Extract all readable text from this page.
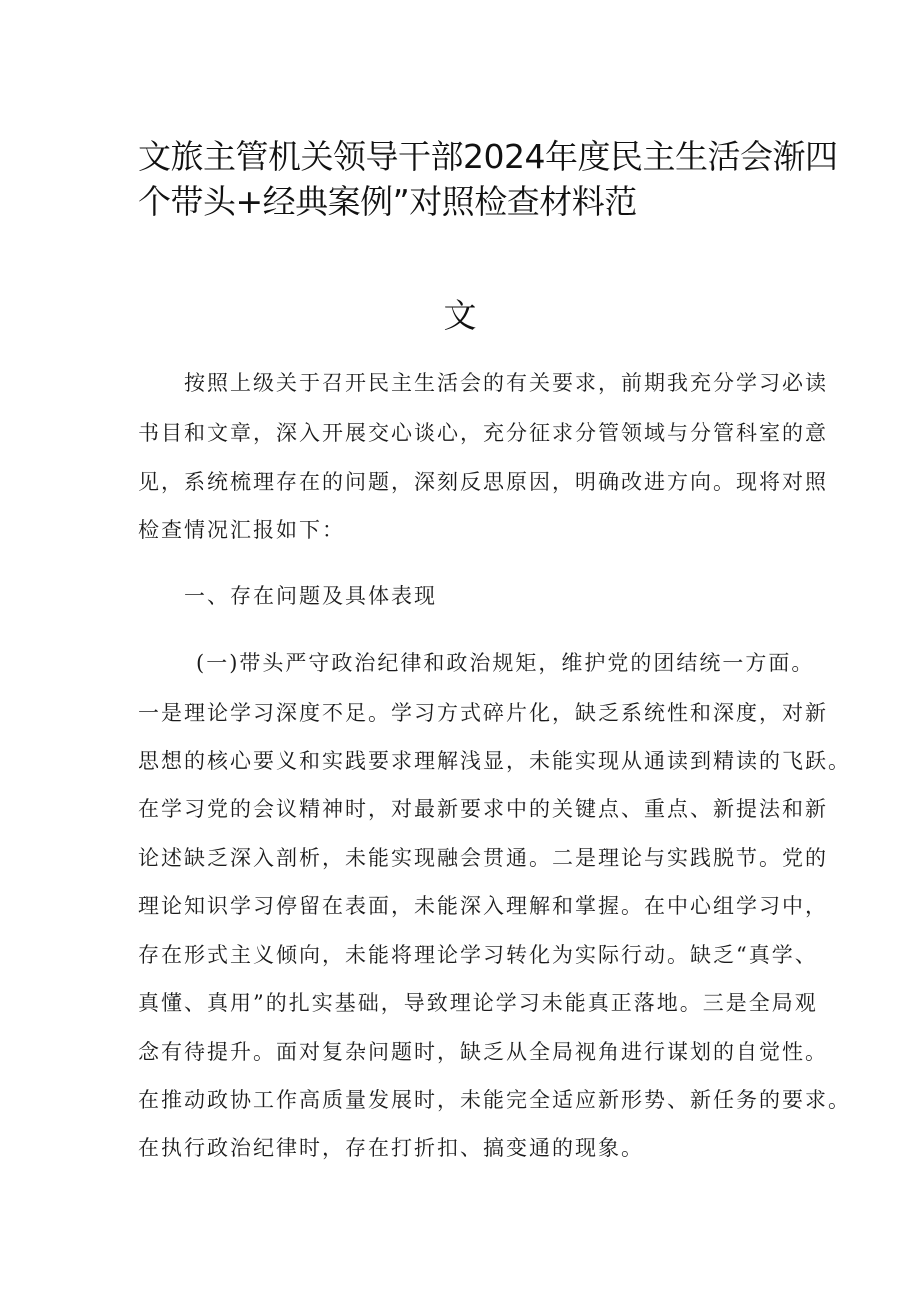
文旅主管机关领导干部2024年度民主生活会渐四
个带头+经典案例”对照检查材料范
文
按照上级关于召开民主生活会的有关要求，前期我充分学习必读
书目和文章，深入开展交心谈心，充分征求分管领域与分管科室的意
见，系统梳理存在的问题，深刻反思原因，明确改进方向。现将对照
检查情况汇报如下：
一、存在问题及具体表现
(一)带头严守政治纪律和政治规矩，维护党的团结统一方面。
一是理论学习深度不足。学习方式碎片化，缺乏系统性和深度，对新
思想的核心要义和实践要求理解浅显，未能实现从通读到精读的飞跃。
在学习党的会议精神时，对最新要求中的关键点、重点、新提法和新
论述缺乏深入剖析，未能实现融会贯通。二是理论与实践脱节。党的
理论知识学习停留在表面，未能深入理解和掌握。在中心组学习中，
存在形式主义倾向，未能将理论学习转化为实际行动。缺乏“真学、
真懂、真用”的扎实基础，导致理论学习未能真正落地。三是全局观
念有待提升。面对复杂问题时，缺乏从全局视角进行谋划的自觉性。
在推动政协工作高质量发展时，未能完全适应新形势、新任务的要求。
在执行政治纪律时，存在打折扣、搞变通的现象。
